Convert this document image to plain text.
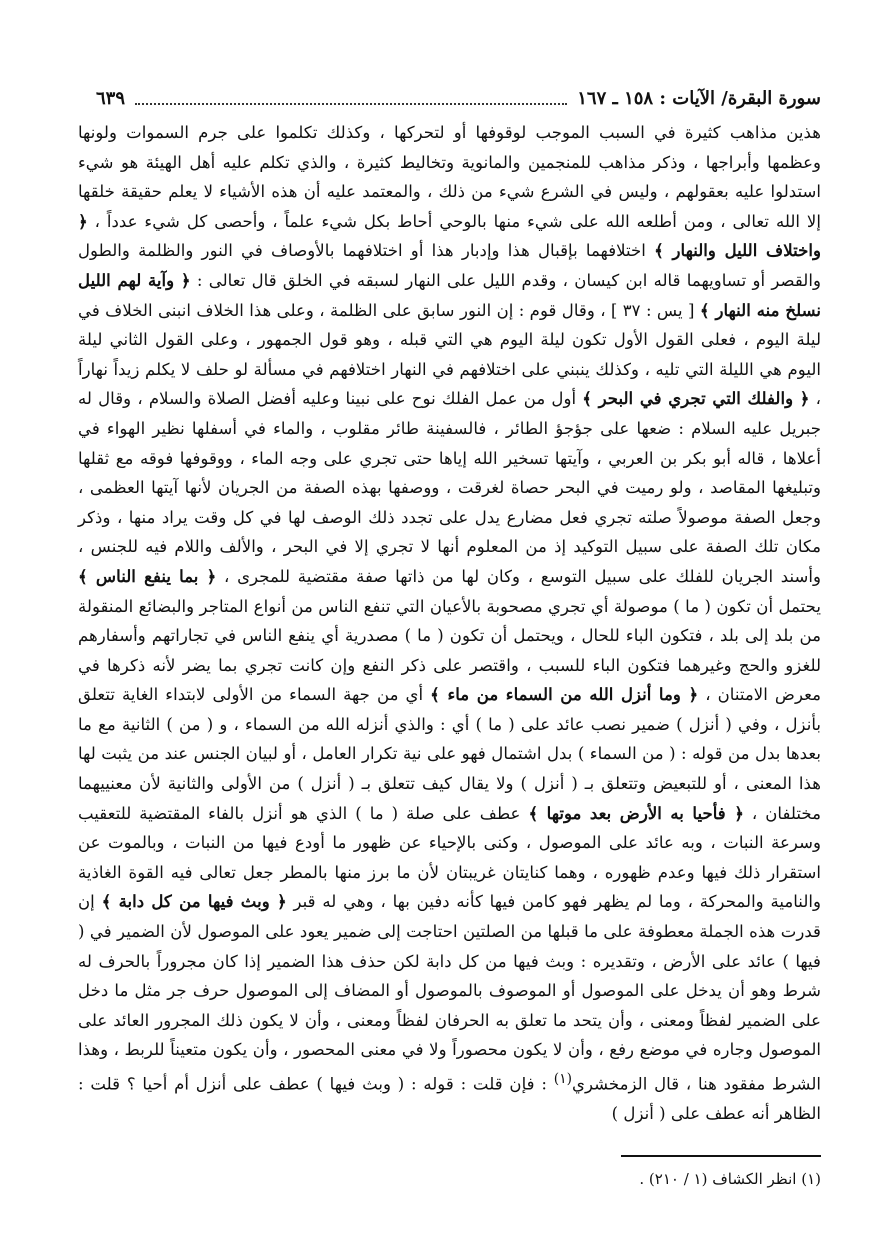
سورة البقرة/ الآيات : ١٥٨ ـ ١٦٧
٦٣٩

هذين مذاهب كثيرة في السبب الموجب لوقوفها أو لتحركها ، وكذلك تكلموا على جرم السموات ولونها وعظمها وأبراجها ، وذكر مذاهب للمنجمين والمانوية وتخاليط كثيرة ، والذي تكلم عليه أهل الهيئة هو شيء استدلوا عليه بعقولهم ، وليس في الشرع شيء من ذلك ، والمعتمد عليه أن هذه الأشياء لا يعلم حقيقة خلقها إلا الله تعالى ، ومن أطلعه الله على شيء منها بالوحي أحاط بكل شيء علماً ، وأحصى كل شيء عدداً ، ﴿ واختلاف الليل والنهار ﴾ اختلافهما بإقبال هذا وإدبار هذا أو اختلافهما بالأوصاف في النور والظلمة والطول والقصر أو تساويهما قاله ابن كيسان ، وقدم الليل على النهار لسبقه في الخلق قال تعالى : ﴿ وآية لهم الليل نسلخ منه النهار ﴾ [ يس : ٣٧ ] ، وقال قوم : إن النور سابق على الظلمة ، وعلى هذا الخلاف انبنى الخلاف في ليلة اليوم ، فعلى القول الأول تكون ليلة اليوم هي التي قبله ، وهو قول الجمهور ، وعلى القول الثاني ليلة اليوم هي الليلة التي تليه ، وكذلك ينبني على اختلافهم في النهار اختلافهم في مسألة لو حلف لا يكلم زيداً نهاراً ، ﴿ والفلك التي تجري في البحر ﴾ أول من عمل الفلك نوح على نبينا وعليه أفضل الصلاة والسلام ، وقال له جبريل عليه السلام : ضعها على جؤجؤ الطائر ، فالسفينة طائر مقلوب ، والماء في أسفلها نظير الهواء في أعلاها ، قاله أبو بكر بن العربي ، وآيتها تسخير الله إياها حتى تجري على وجه الماء ، ووقوفها فوقه مع ثقلها وتبليغها المقاصد ، ولو رميت في البحر حصاة لغرقت ، ووصفها بهذه الصفة من الجريان لأنها آيتها العظمى ، وجعل الصفة موصولاً صلته تجري فعل مضارع يدل على تجدد ذلك الوصف لها في كل وقت يراد منها ، وذكر مكان تلك الصفة على سبيل التوكيد إذ من المعلوم أنها لا تجري إلا في البحر ، والألف واللام فيه للجنس ، وأسند الجريان للفلك على سبيل التوسع ، وكان لها من ذاتها صفة مقتضية للمجرى ، ﴿ بما ينفع الناس ﴾ يحتمل أن تكون ( ما ) موصولة أي تجري مصحوبة بالأعيان التي تنفع الناس من أنواع المتاجر والبضائع المنقولة من بلد إلى بلد ، فتكون الباء للحال ، ويحتمل أن تكون ( ما ) مصدرية أي ينفع الناس في تجاراتهم وأسفارهم للغزو والحج وغيرهما فتكون الباء للسبب ، واقتصر على ذكر النفع وإن كانت تجري بما يضر لأنه ذكرها في معرض الامتنان ، ﴿ وما أنزل الله من السماء من ماء ﴾ أي من جهة السماء من الأولى لابتداء الغاية تتعلق بأنزل ، وفي ( أنزل ) ضمير نصب عائد على ( ما ) أي : والذي أنزله الله من السماء ، و ( من ) الثانية مع ما بعدها بدل من قوله : ( من السماء ) بدل اشتمال فهو على نية تكرار العامل ، أو لبيان الجنس عند من يثبت لها هذا المعنى ، أو للتبعيض وتتعلق بـ ( أنزل ) ولا يقال كيف تتعلق بـ ( أنزل ) من الأولى والثانية لأن معنييهما مختلفان ، ﴿ فأحيا به الأرض بعد موتها ﴾ عطف على صلة ( ما ) الذي هو أنزل بالفاء المقتضية للتعقيب وسرعة النبات ، وبه عائد على الموصول ، وكنى بالإحياء عن ظهور ما أودع فيها من النبات ، وبالموت عن استقرار ذلك فيها وعدم ظهوره ، وهما كنايتان غريبتان لأن ما برز منها بالمطر جعل تعالى فيه القوة الغاذية والنامية والمحركة ، وما لم يظهر فهو كامن فيها كأنه دفين بها ، وهي له قبر ﴿ وبث فيها من كل دابة ﴾ إن قدرت هذه الجملة معطوفة على ما قبلها من الصلتين احتاجت إلى ضمير يعود على الموصول لأن الضمير في ( فيها ) عائد على الأرض ، وتقديره : وبث فيها من كل دابة لكن حذف هذا الضمير إذا كان مجروراً بالحرف له شرط وهو أن يدخل على الموصول أو الموصوف بالموصول أو المضاف إلى الموصول حرف جر مثل ما دخل على الضمير لفظاً ومعنى ، وأن يتحد ما تعلق به الحرفان لفظاً ومعنى ، وأن لا يكون ذلك المجرور العائد على الموصول وجاره في موضع رفع ، وأن لا يكون محصوراً ولا في معنى المحصور ، وأن يكون متعيناً للربط ، وهذا الشرط مفقود هنا ، قال الزمخشري$^{(١)}$ : فإن قلت : قوله : ( وبث فيها ) عطف على أنزل أم أحيا ؟ قلت : الظاهر أنه عطف على ( أنزل )

(١) انظر الكشاف (١ / ٢١٠) .
